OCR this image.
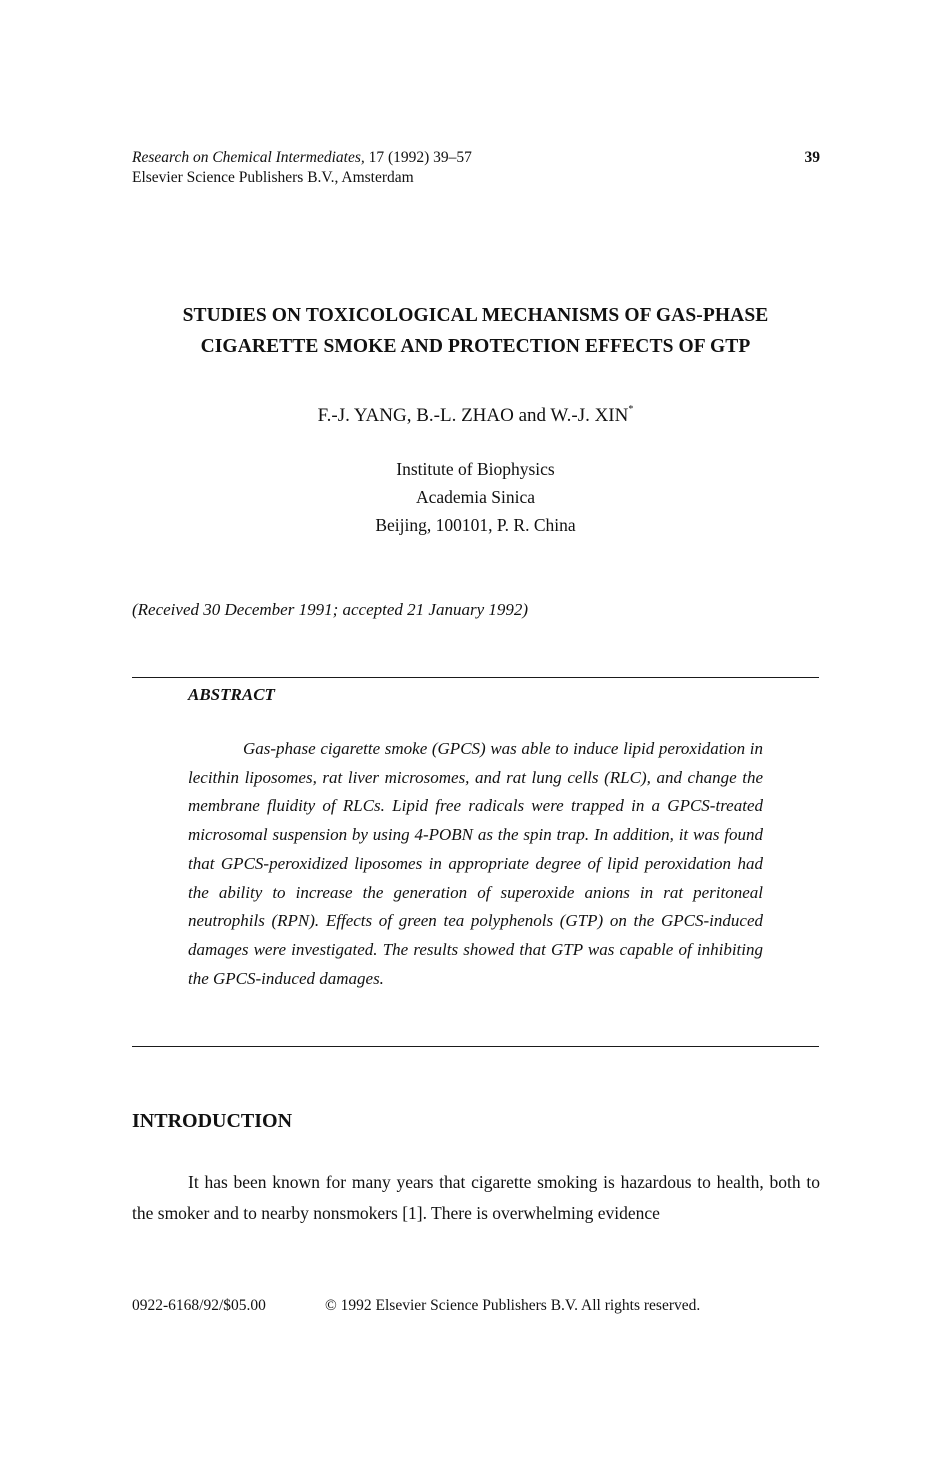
Research on Chemical Intermediates, 17 (1992) 39–57
Elsevier Science Publishers B.V., Amsterdam
39
STUDIES ON TOXICOLOGICAL MECHANISMS OF GAS-PHASE
CIGARETTE SMOKE AND PROTECTION EFFECTS OF GTP
F.-J. YANG, B.-L. ZHAO and W.-J. XIN*
Institute of Biophysics
Academia Sinica
Beijing, 100101, P. R. China
(Received 30 December 1991; accepted 21 January 1992)
ABSTRACT

Gas-phase cigarette smoke (GPCS) was able to induce lipid peroxidation in lecithin liposomes, rat liver microsomes, and rat lung cells (RLC), and change the membrane fluidity of RLCs. Lipid free radicals were trapped in a GPCS-treated microsomal suspension by using 4-POBN as the spin trap. In addition, it was found that GPCS-peroxidized liposomes in appropriate degree of lipid peroxidation had the ability to increase the generation of superoxide anions in rat peritoneal neutrophils (RPN). Effects of green tea polyphenols (GTP) on the GPCS-induced damages were investigated. The results showed that GTP was capable of inhibiting the GPCS-induced damages.

INTRODUCTION

It has been known for many years that cigarette smoking is hazardous to health, both to the smoker and to nearby nonsmokers [1]. There is overwhelming evidence

0922-6168/92/$05.00	© 1992 Elsevier Science Publishers B.V. All rights reserved.
